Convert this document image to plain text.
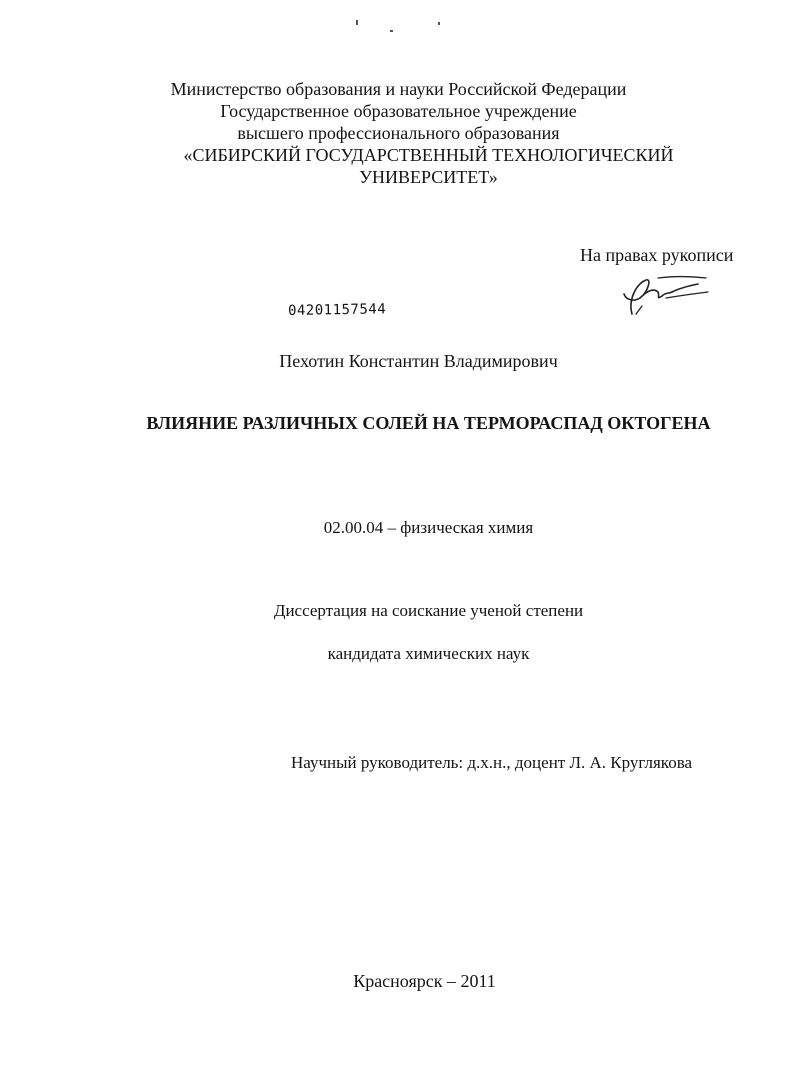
Министерство образования и науки Российской Федерации
Государственное образовательное учреждение
высшего профессионального образования
«СИБИРСКИЙ ГОСУДАРСТВЕННЫЙ ТЕХНОЛОГИЧЕСКИЙ
УНИВЕРСИТЕТ»
На правах рукописи
04201157544
Пехотин Константин Владимирович
ВЛИЯНИЕ РАЗЛИЧНЫХ СОЛЕЙ НА ТЕРМОРАСПАД ОКТОГЕНА
02.00.04 – физическая химия
Диссертация на соискание ученой степени
кандидата химических наук
Научный руководитель: д.х.н., доцент Л. А. Круглякова
Красноярск – 2011
